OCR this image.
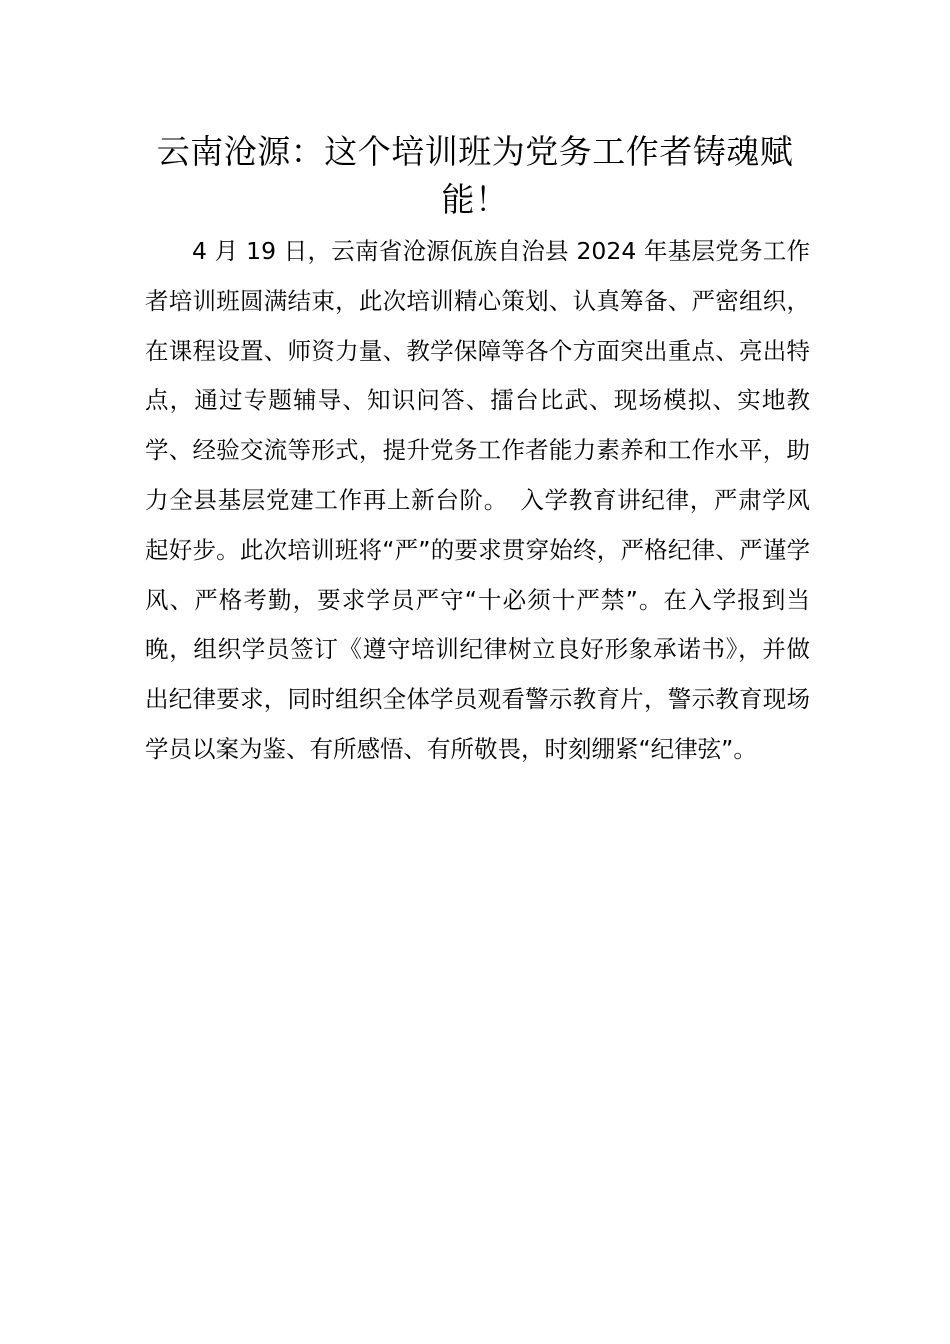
云南沧源：这个培训班为党务工作者铸魂赋能！

4 月 19 日，云南省沧源佤族自治县 2024 年基层党务工作者培训班圆满结束，此次培训精心策划、认真筹备、严密组织，在课程设置、师资力量、教学保障等各个方面突出重点、亮出特点，通过专题辅导、知识问答、擂台比武、现场模拟、实地教学、经验交流等形式，提升党务工作者能力素养和工作水平，助力全县基层党建工作再上新台阶。　入学教育讲纪律，严肃学风起好步。此次培训班将“严”的要求贯穿始终，严格纪律、严谨学风、严格考勤，要求学员严守“十必须十严禁”。在入学报到当晚，组织学员签订《遵守培训纪律树立良好形象承诺书》，并做出纪律要求，同时组织全体学员观看警示教育片，警示教育现场学员以案为鉴、有所感悟、有所敬畏，时刻绷紧“纪律弦”。
